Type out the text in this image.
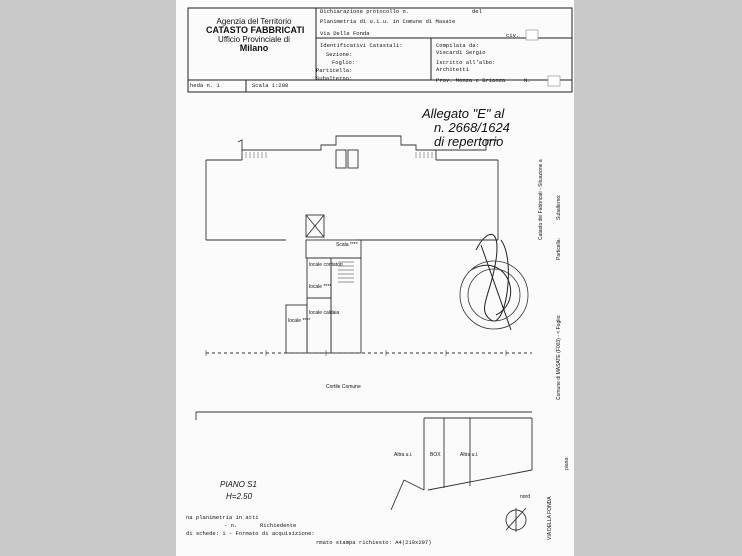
Agenzia del Territorio
CATASTO FABBRICATI
Ufficio Provinciale di
Milano
Dichiarazione protocollo n.	del
Planimetria di u.i.u. in Comune di Masate
Via Delle Fonda	civ.
Identificativi Catastali:
Sezione:
Foglio:
Particella:
Subalterno:
Compilata da:
Viscardi Sergio
Iscritto all'albo:
Architetti
Prov. Monza e Brianza	N.
heda n. 1	Scala 1:200
Allegato "E" al
n. 2668/1624
di repertorio
Scala ****
locale contatori
locale ****
locale caldaia
locale ****
Cortile Comune
Altra u.i.	BOX	Altra u.i.
PIANO S1
H=2.50	nord
na planimetria in atti
- n.	Richiedente
di schede: 1 - Formato di acquisizione:
rmato stampa richiesto: A4(210x297)
Catasto dei Fabbricati - Situazione a
Comune di MASATE (F003) - < Foglio:
Particella:
Subalterno:
VIA DELLA FONDA
piano:
